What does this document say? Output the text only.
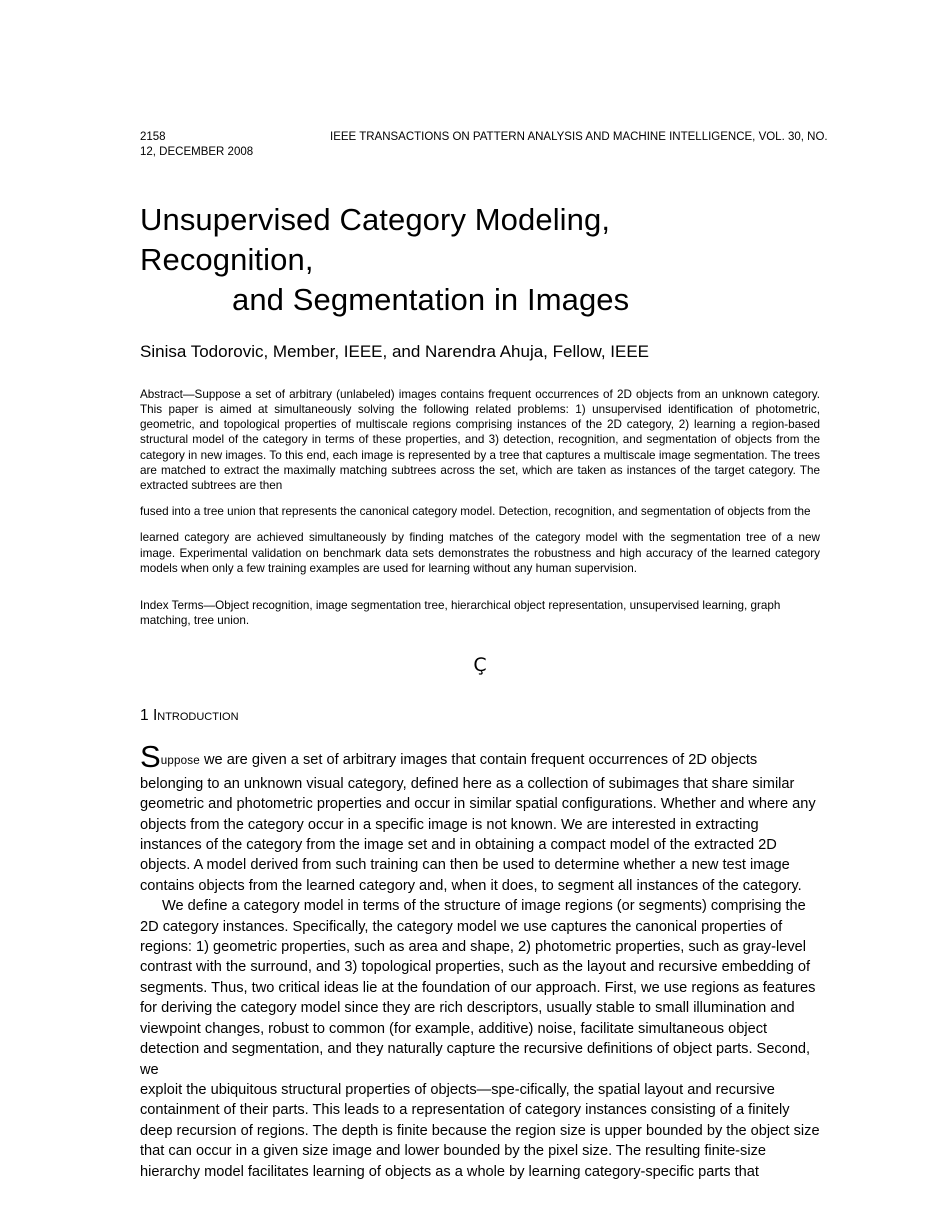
2158	IEEE TRANSACTIONS ON PATTERN ANALYSIS AND MACHINE INTELLIGENCE, VOL. 30, NO.
12, DECEMBER 2008
Unsupervised Category Modeling,
Recognition,
and Segmentation in Images
Sinisa Todorovic, Member, IEEE, and Narendra Ahuja, Fellow, IEEE

Abstract—Suppose a set of arbitrary (unlabeled) images contains frequent occurrences of 2D objects from an unknown category. This paper is aimed at simultaneously solving the following related problems: 1) unsupervised identification of photometric, geometric, and topological properties of multiscale regions comprising instances of the 2D category, 2) learning a region-based structural model of the category in terms of these properties, and 3) detection, recognition, and segmentation of objects from the category in new images. To this end, each image is represented by a tree that captures a multiscale image segmentation. The trees are matched to extract the maximally matching subtrees across the set, which are taken as instances of the target category. The extracted subtrees are then

fused into a tree union that represents the canonical category model. Detection, recognition, and segmentation of objects from the

learned category are achieved simultaneously by finding matches of the category model with the segmentation tree of a new image. Experimental validation on benchmark data sets demonstrates the robustness and high accuracy of the learned category models when only a few training examples are used for learning without any human supervision.

Index Terms—Object recognition, image segmentation tree, hierarchical object representation, unsupervised learning, graph matching, tree union.
Ç
1 Introduction

Suppose we are given a set of arbitrary images that contain frequent occurrences of 2D objects
belonging to an unknown visual category, defined here as a collection of subimages that share similar geometric and photometric properties and occur in similar spatial configurations. Whether and where any objects from the category occur in a specific image is not known. We are interested in extracting instances of the category from the image set and in obtaining a compact model of the extracted 2D objects. A model derived from such training can then be used to determine whether a new test image contains objects from the learned category and, when it does, to segment all instances of the category.

We define a category model in terms of the structure of image regions (or segments) comprising the 2D category instances. Specifically, the category model we use captures the canonical properties of regions: 1) geometric properties, such as area and shape, 2) photometric properties, such as gray-level contrast with the surround, and 3) topological properties, such as the layout and recursive embedding of segments. Thus, two critical ideas lie at the foundation of our approach. First, we use regions as features for deriving the category model since they are rich descriptors, usually stable to small illumination and viewpoint changes, robust to common (for example, additive) noise, facilitate simultaneous object detection and segmentation, and they naturally capture the recursive definitions of object parts. Second, we

exploit the ubiquitous structural properties of objects—spe-cifically, the spatial layout and recursive containment of their parts. This leads to a representation of category instances consisting of a finitely deep recursion of regions. The depth is finite because the region size is upper bounded by the object size that can occur in a given size image and lower bounded by the pixel size. The resulting finite-size hierarchy model facilitates learning of objects as a whole by learning category-specific parts that
